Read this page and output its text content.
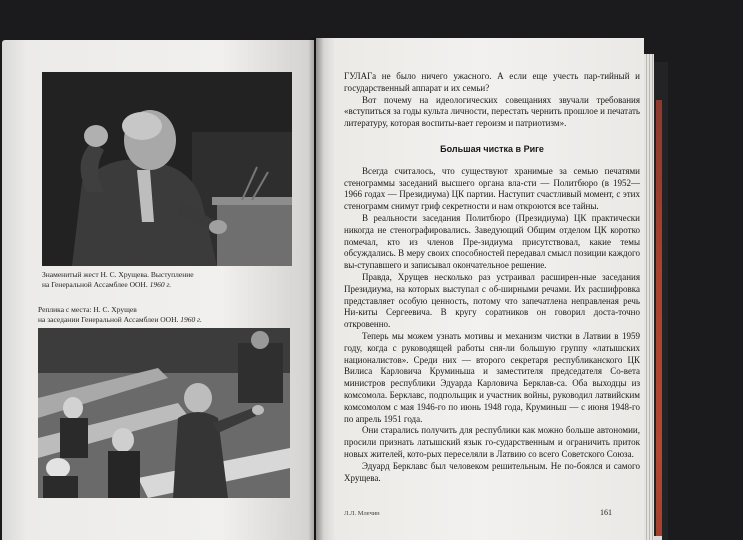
Знаменитый жест Н. С. Хрущева. Выступление
на Генеральной Ассамблее ООН. 1960 г.
Реплика с места: Н. С. Хрущев
на заседании Генеральной Ассамблеи ООН. 1960 г.

ГУЛАГа не было ничего ужасного. А если еще учесть пар-тийный и государственный аппарат и их семьи?

Вот почему на идеологических совещаниях звучали требования «вступиться за годы культа личности, перестать чернить прошлое и печатать литературу, которая воспиты-вает героизм и патриотизм».

Большая чистка в Риге

Всегда считалось, что существуют хранимые за семью печатями стенограммы заседаний высшего органа вла-сти — Политбюро (в 1952—1966 годах — Президиума) ЦК партии. Наступит счастливый момент, с этих стенограмм снимут гриф секретности и нам откроются все тайны.

В реальности заседания Политбюро (Президиума) ЦК практически никогда не стенографировались. Заведующий Общим отделом ЦК коротко помечал, кто из членов Пре-зидиума присутствовал, какие темы обсуждались. В меру своих способностей передавал смысл позиции каждого вы-ступавшего и записывал окончательное решение.

Правда, Хрущев несколько раз устраивал расширен-ные заседания Президиума, на которых выступал с об-ширными речами. Их расшифровка представляет особую ценность, потому что запечатлена неправленая речь Ни-киты Сергеевича. В кругу соратников он говорил доста-точно откровенно.

Теперь мы можем узнать мотивы и механизм чистки в Латвии в 1959 году, когда с руководящей работы сня-ли большую группу «латышских националистов». Среди них — второго секретаря республиканского ЦК Вилиса Карловича Круминьша и заместителя председателя Со-вета министров республики Эдуарда Карловича Берклав-са. Оба выходцы из комсомола. Берклавс, подпольщик и участник войны, руководил латвийским комсомолом с мая 1946-го по июнь 1948 года, Круминьш — с июня 1948-го по апрель 1951 года.

Они старались получить для республики как можно больше автономии, просили признать латышский язык го-сударственным и ограничить приток новых жителей, кото-рых переселяли в Латвию со всего Советского Союза.

Эдуард Берклавс был человеком решительным. Не по-боялся и самого Хрущева.

Л.Л. Млечин	161
